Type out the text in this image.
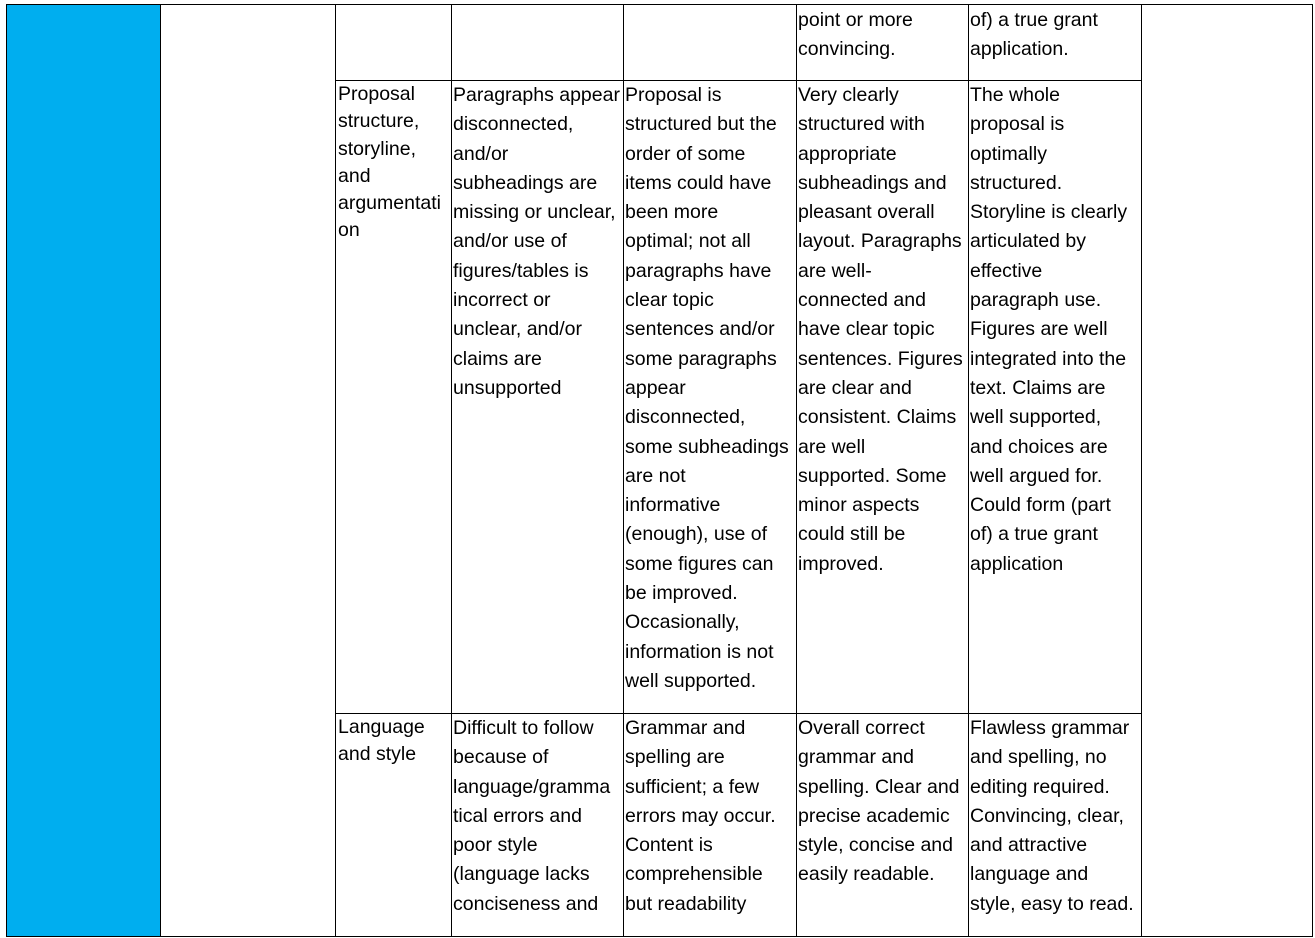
point or more
convincing.
of) a true grant
application.
Proposal
structure,
storyline,
and
argumentati
on
Paragraphs appear
disconnected,
and/or
subheadings are
missing or unclear,
and/or use of
figures/tables is
incorrect or
unclear, and/or
claims are
unsupported
Proposal is
structured but the
order of some
items could have
been more
optimal; not all
paragraphs have
clear topic
sentences and/or
some paragraphs
appear
disconnected,
some subheadings
are not
informative
(enough), use of
some figures can
be improved.
Occasionally,
information is not
well supported.
Very clearly
structured with
appropriate
subheadings and
pleasant overall
layout. Paragraphs
are well-
connected and
have clear topic
sentences. Figures
are clear and
consistent. Claims
are well
supported. Some
minor aspects
could still be
improved.
The whole
proposal is
optimally
structured.
Storyline is clearly
articulated by
effective
paragraph use.
Figures are well
integrated into the
text. Claims are
well supported,
and choices are
well argued for.
Could form (part
of) a true grant
application
Language
and style
Difficult to follow
because of
language/gramma
tical errors and
poor style
(language lacks
conciseness and
Grammar and
spelling are
sufficient; a few
errors may occur.
Content is
comprehensible
but readability
Overall correct
grammar and
spelling. Clear and
precise academic
style, concise and
easily readable.
Flawless grammar
and spelling, no
editing required.
Convincing, clear,
and attractive
language and
style, easy to read.
